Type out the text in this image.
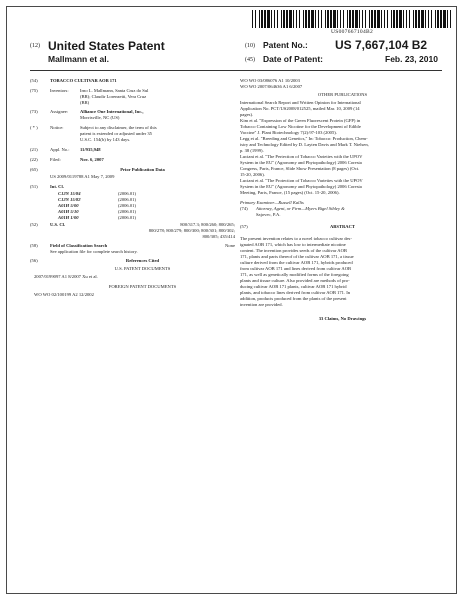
US007667104B2
(12) United States Patent
Mallmann et al.
(10) Patent No.: US 7,667,104 B2
(45) Date of Patent:	Feb. 23, 2010
(54)	TOBACCO CULTIVAR AOB 171
(75)	Inventors: Irno L. Mallmann, Santa Cruz do Sul
(BR); Claudir Lorenzetti, Vera Cruz
(BR)
(73)	Assignee:	Alliance One International, Inc.,
Morrisville, NC (US)
( * )	Notice:	Subject to any disclaimer, the term of this
patent is extended or adjusted under 35
U.S.C. 154(b) by 143 days.
(21)	Appl. No.: 11/935,948
(22)	Filed:	Nov. 6, 2007
(65)	Prior Publication Data
US 2009/0119788 A1 May 7, 2009
(51)	Int. Cl.
C12N 15/84	(2006.01)
C12N 15/82	(2006.01)
A01H 5/00	(2006.01)
A01H 5/10	(2006.01)
A01H 1/00	(2006.01)
(52)	U.S. Cl.	800/317.3; 800/260; 800/265;
800/278; 800/279; 800/300; 800/301; 800/302;
800/305; 435/414
(58)	Field of Classification Search	None
See application file for complete search history.
(56)	References Cited
U.S. PATENT DOCUMENTS
2007/0199097 A1 8/2007 Xu et al.
FOREIGN PATENT DOCUMENTS
WO WO 02/100199 A2 12/2002
WO WO 03/086076 A1 10/2003
WO WO 2007/064636 A1 6/2007
OTHER PUBLICATIONS
International Search Report and Written Opinion for International
Application No. PCT/US2008/012525, mailed Mar. 10, 2009 (14
pages).
Kim et al. "Expression of the Green Fluorescent Protein (GFP) in
Tobacco Containing Low Nicotine for the Development of Edible
Vaccine" J. Plant Biotechnology 7(2):97-103 (2005).
Legg et al. "Breeding and Genetics," In: Tobacco: Production, Chem-
istry and Technology Edited by D. Layten Davis and Mark T. Nielsen,
p. 38 (1999).
Luciani et al. "The Pertection of Tobacco Varieties with the UPOV
System in the EU" (Agronomy and Phytopathology) 2006 Coresta
Congress, Paris, France, Slide Show Presentation (8 pages) (Oct.
15-20, 2006).
Luciani et al. "The Protection of Tobacco Varieties with the UPOV
System in the EU" (Agronomy and Phytopathology) 2006 Coresta
Meeting, Paris, France, (15 pages) (Oct. 15-20, 2006).
Primary Examiner—Russell Kallis
(74) Attorney, Agent, or Firm—Myers Bigel Sibley &
Sajovec, P.A.
(57)	ABSTRACT
The present invention relates to a novel tobacco cultivar des-
ignated AOB 171, which has low to intermediate nicotine
content. The invention provides seeds of the cultivar AOB
171, plants and parts thereof of the cultivar AOB 171, a tissue
culture derived from the cultivar AOB 171, hybrids produced
from cultivar AOB 171 and lines derived from cultivar AOB
171, as well as genetically modified forms of the foregoing
plants and tissue culture. Also provided are methods of pro-
ducing cultivar AOB 171 plants, cultivar AOB 171 hybrid
plants, and tobacco lines derived from cultivar AOB 171. In
addition, products produced from the plants of the present
invention are provided.
33 Claims, No Drawings
